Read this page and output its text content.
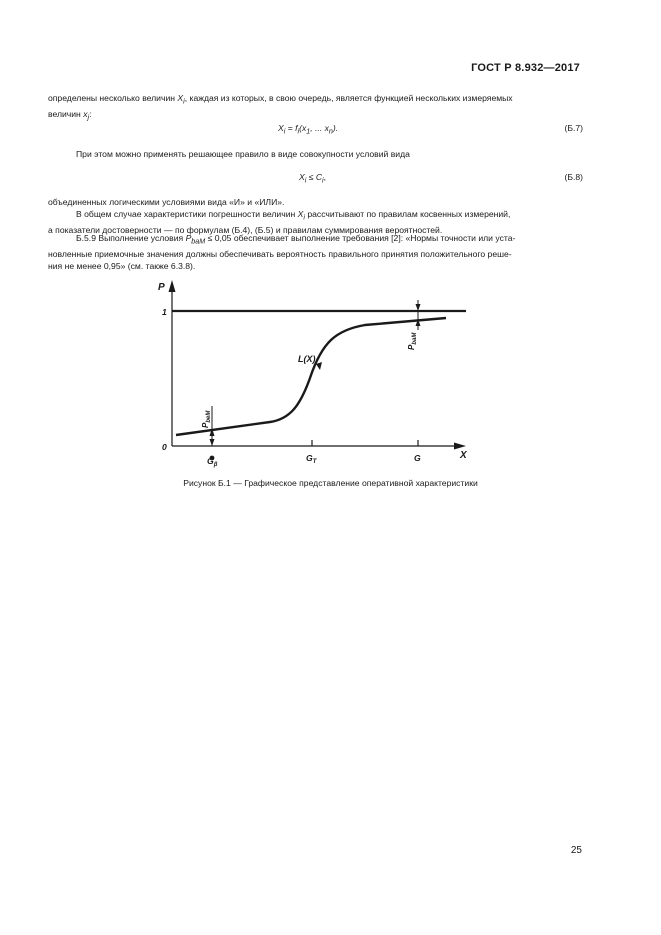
ГОСТ Р 8.932—2017
определены несколько величин $X_i$, каждая из которых, в свою очередь, является функцией нескольких измеряемых
величин $x_j$:
$X_i = f_i(x_1$, ... $x_n$).	(Б.7)
При этом можно применять решающее правило в виде совокупности условий вида
$X_i \le C_i$,	(Б.8)
объединенных логическими условиями вида «И» и «ИЛИ».
В общем случае характеристики погрешности величин $X_i$ рассчитывают по правилам косвенных измерений,
а показатели достоверности — по формулам (Б.4), (Б.5) и правилам суммирования вероятностей.
Б.5.9 Выполнение условия $P_{baM} \le 0,05$ обеспечивает выполнение требования [2]: «Нормы точности или уста-
новленные приемочные значения должны обеспечивать вероятность правильного принятия положительного реше-
ния не менее 0,95» (см. также 6.3.8).
P
1
0
X
L(X)
$G_\beta$
$G_T$	G
$P_{beM}$
$P_{baM}$
Рисунок Б.1 — Графическое представление оперативной характеристики
25
